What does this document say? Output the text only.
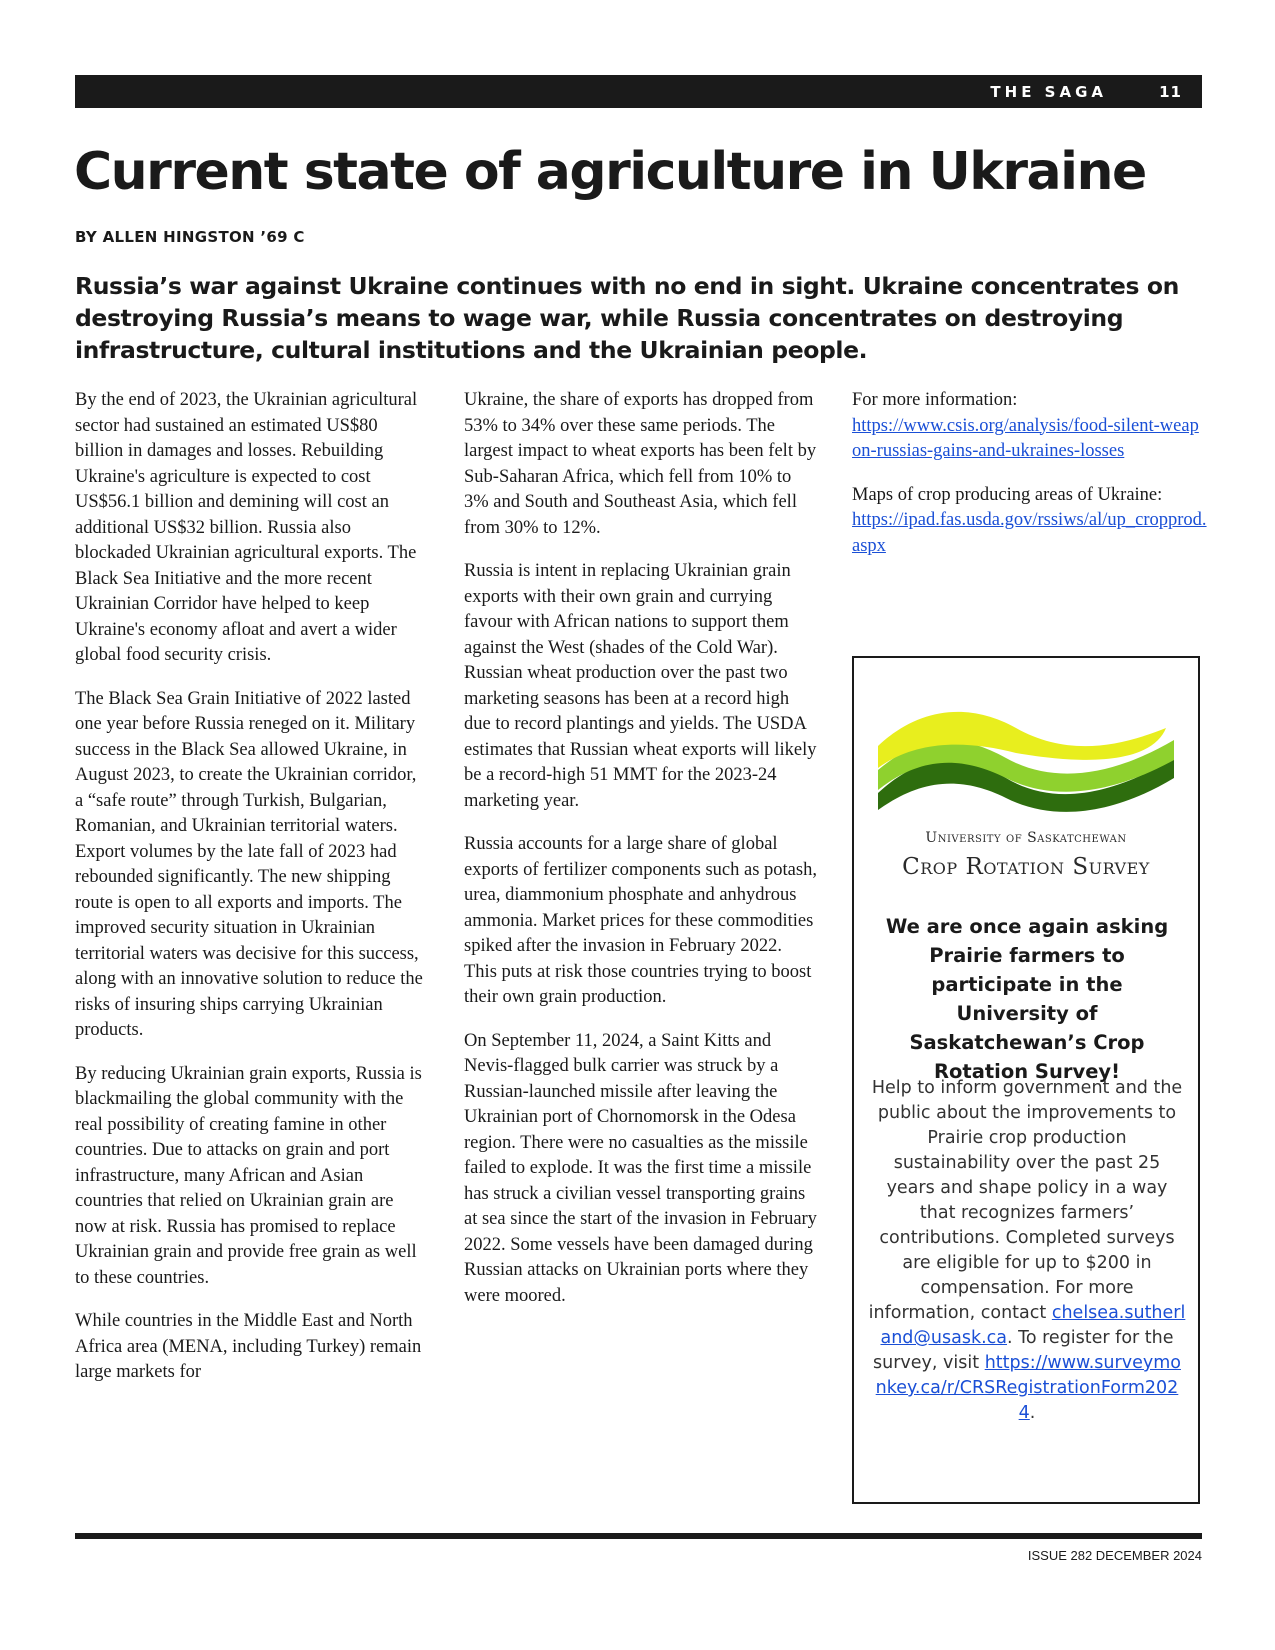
THE SAGA	11
Current state of agriculture in Ukraine
BY ALLEN HINGSTON ’69 C

Russia’s war against Ukraine continues with no end in sight. Ukraine concentrates on destroying Russia’s means to wage war, while Russia concentrates on destroying infrastructure, cultural institutions and the Ukrainian people.

By the end of 2023, the Ukrainian agricultural sector had sustained an estimated US$80 billion in damages and losses. Rebuilding Ukraine's agriculture is expected to cost US$56.1 billion and demining will cost an additional US$32 billion. Russia also blockaded Ukrainian agricultural exports. The Black Sea Initiative and the more recent Ukrainian Corridor have helped to keep Ukraine's economy afloat and avert a wider global food security crisis.

The Black Sea Grain Initiative of 2022 lasted one year before Russia reneged on it. Military success in the Black Sea allowed Ukraine, in August 2023, to create the Ukrainian corridor, a “safe route” through Turkish, Bulgarian, Romanian, and Ukrainian territorial waters. Export volumes by the late fall of 2023 had rebounded significantly. The new shipping route is open to all exports and imports. The improved security situation in Ukrainian territorial waters was decisive for this success, along with an innovative solution to reduce the risks of insuring ships carrying Ukrainian products.

By reducing Ukrainian grain exports, Russia is blackmailing the global community with the real possibility of creating famine in other countries. Due to attacks on grain and port infrastructure, many African and Asian countries that relied on Ukrainian grain are now at risk. Russia has promised to replace Ukrainian grain and provide free grain as well to these countries.

While countries in the Middle East and North Africa area (MENA, including Turkey) remain large markets for

Ukraine, the share of exports has dropped from 53% to 34% over these same periods. The largest impact to wheat exports has been felt by Sub-Saharan Africa, which fell from 10% to 3% and South and Southeast Asia, which fell from 30% to 12%.

Russia is intent in replacing Ukrainian grain exports with their own grain and currying favour with African nations to support them against the West (shades of the Cold War). Russian wheat production over the past two marketing seasons has been at a record high due to record plantings and yields. The USDA estimates that Russian wheat exports will likely be a record-high 51 MMT for the 2023-24 marketing year.

Russia accounts for a large share of global exports of fertilizer components such as potash, urea, diammonium phosphate and anhydrous ammonia. Market prices for these commodities spiked after the invasion in February 2022. This puts at risk those countries trying to boost their own grain production.

On September 11, 2024, a Saint Kitts and Nevis-flagged bulk carrier was struck by a Russian-launched missile after leaving the Ukrainian port of Chornomorsk in the Odesa region. There were no casualties as the missile failed to explode. It was the first time a missile has struck a civilian vessel transporting grains at sea since the start of the invasion in February 2022. Some vessels have been damaged during Russian attacks on Ukrainian ports where they were moored.

For more information:
https://www.csis.org/analysis/food-silent-weapon-russias-gains-and-ukraines-losses

Maps of crop producing areas of Ukraine:
https://ipad.fas.usda.gov/rssiws/al/up_cropprod.aspx

University of Saskatchewan
Crop Rotation Survey
We are once again asking Prairie farmers to participate in the University of Saskatchewan’s Crop Rotation Survey!
Help to inform government and the public about the improvements to Prairie crop production sustainability over the past 25 years and shape policy in a way that recognizes farmers’ contributions. Completed surveys are eligible for up to $200 in compensation. For more information, contact chelsea.sutherland@usask.ca. To register for the survey, visit https://www.surveymonkey.ca/r/CRSRegistrationForm2024.
ISSUE 282 DECEMBER 2024
